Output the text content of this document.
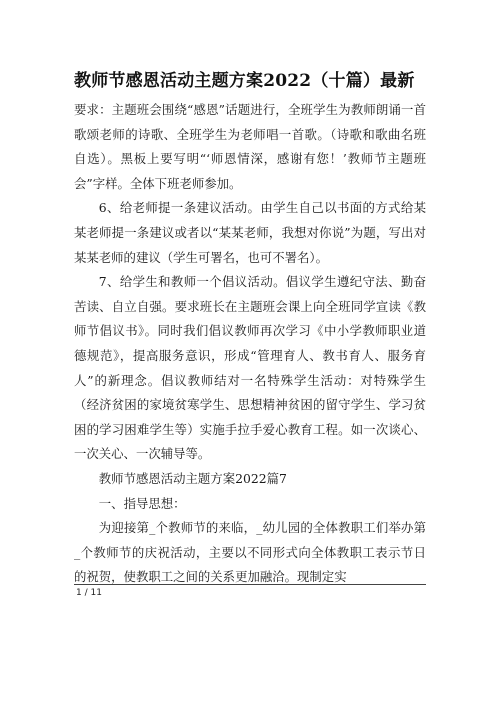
教师节感恩活动主题方案2022（十篇）最新

要求：主题班会围绕“感恩”话题进行，全班学生为教师朗诵一首歌颂老师的诗歌、全班学生为老师唱一首歌。（诗歌和歌曲名班自选）。黑板上要写明“‘师恩情深，感谢有您！’教师节主题班会”字样。全体下班老师参加。

6、给老师提一条建议活动。由学生自己以书面的方式给某某老师提一条建议或者以“某某老师，我想对你说”为题，写出对某某老师的建议（学生可署名，也可不署名）。

7、给学生和教师一个倡议活动。倡议学生遵纪守法、勤奋苦读、自立自强。要求班长在主题班会课上向全班同学宣读《教师节倡议书》。同时我们倡议教师再次学习《中小学教师职业道德规范》，提高服务意识，形成“管理育人、教书育人、服务育人”的新理念。倡议教师结对一名特殊学生活动：对特殊学生（经济贫困的家境贫寒学生、思想精神贫困的留守学生、学习贫困的学习困难学生等）实施手拉手爱心教育工程。如一次谈心、一次关心、一次辅导等。

教师节感恩活动主题方案2022篇7

一、指导思想：

为迎接第_个教师节的来临，_幼儿园的全体教职工们举办第_个教师节的庆祝活动，主要以不同形式向全体教职工表示节日的祝贺，使教职工之间的关系更加融洽。现制定实

1 / 11
